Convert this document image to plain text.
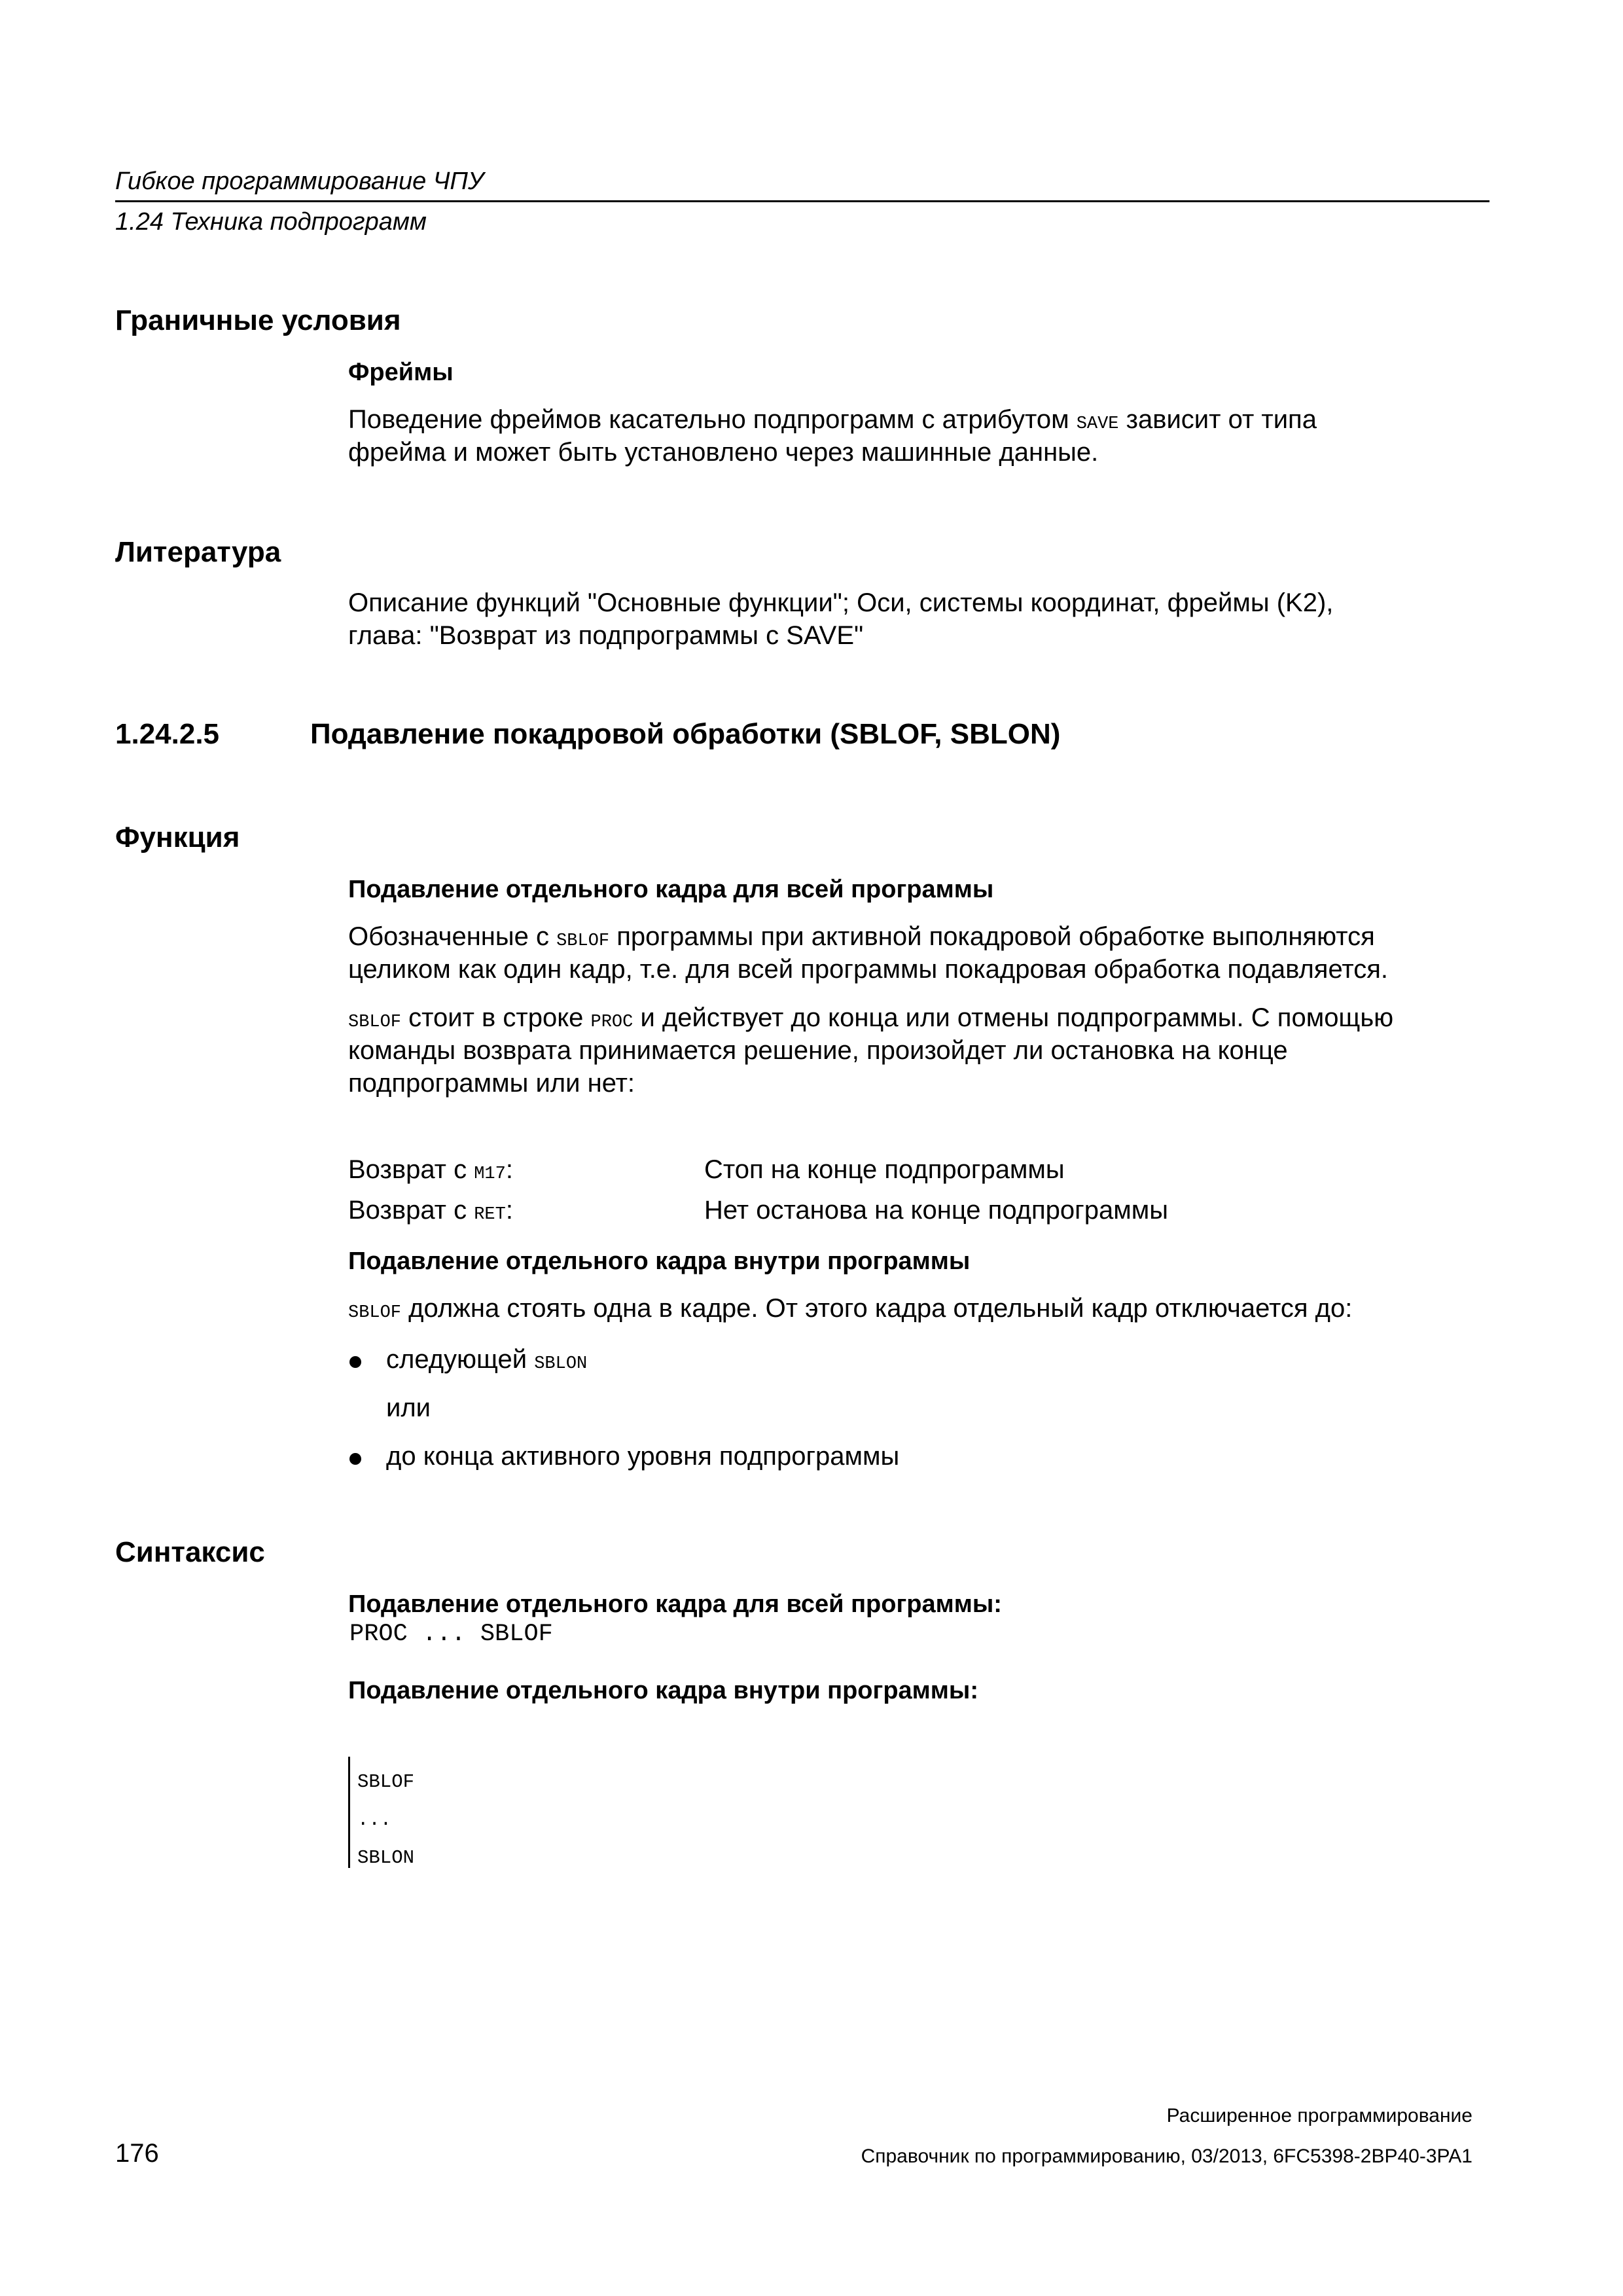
Гибкое программирование ЧПУ
1.24 Техника подпрограмм
Граничные условия
Фреймы
Поведение фреймов касательно подпрограмм с атрибутом SAVE зависит от типа
фрейма и может быть установлено через машинные данные.
Литература
Описание функций "Основные функции"; Оси, системы координат, фреймы (K2),
глава: "Возврат из подпрограммы с SAVE"
1.24.2.5	Подавление покадровой обработки (SBLOF, SBLON)
Функция
Подавление отдельного кадра для всей программы
Обозначенные с SBLOF программы при активной покадровой обработке выполняются
целиком как один кадр, т.е. для всей программы покадровая обработка подавляется.
SBLOF стоит в строке PROC и действует до конца или отмены подпрограммы. С помощью
команды возврата принимается решение, произойдет ли остановка на конце
подпрограммы или нет:
Возврат с M17:	Стоп на конце подпрограммы
Возврат с RET:	Нет останова на конце подпрограммы
Подавление отдельного кадра внутри программы
SBLOF должна стоять одна в кадре. От этого кадра отдельный кадр отключается до:
следующей SBLON
или
до конца активного уровня подпрограммы
Синтаксис
Подавление отдельного кадра для всей программы:
PROC ... SBLOF
Подавление отдельного кадра внутри программы:
SBLOF
...
SBLON
Расширенное программирование
176	Справочник по программированию, 03/2013, 6FC5398-2BP40-3PA1
